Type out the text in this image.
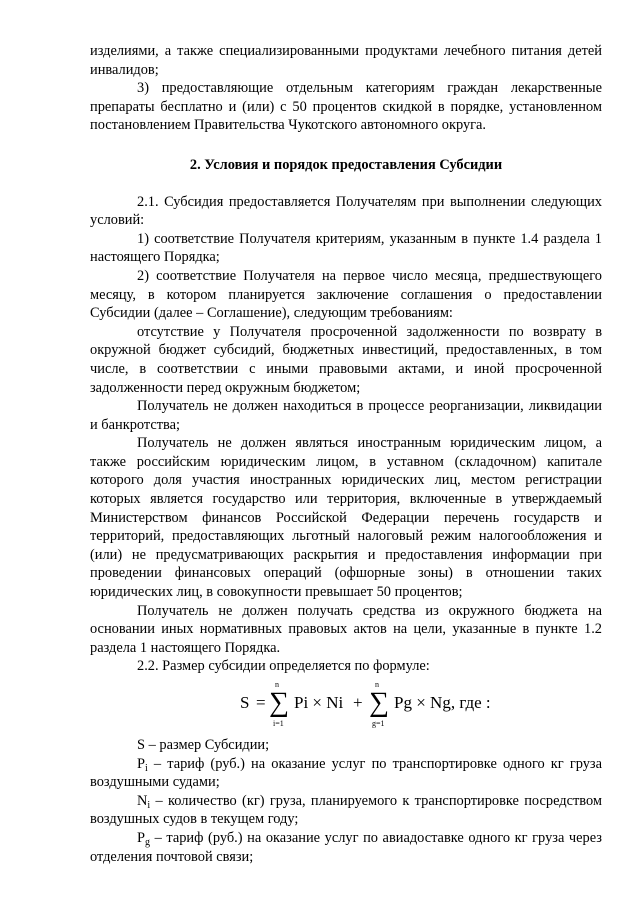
изделиями, а также специализированными продуктами лечебного питания детей инвалидов;

3) предоставляющие отдельным категориям граждан лекарственные препараты бесплатно и (или) с 50 процентов скидкой в порядке, установленном постановлением Правительства Чукотского автономного округа.

2. Условия и порядок предоставления Субсидии

2.1. Субсидия предоставляется Получателям при выполнении следующих условий:

1) соответствие Получателя критериям, указанным в пункте 1.4 раздела 1 настоящего Порядка;

2) соответствие Получателя на первое число месяца, предшествующего месяцу, в котором планируется заключение соглашения о предоставлении Субсидии (далее – Соглашение), следующим требованиям:

отсутствие у Получателя просроченной задолженности по возврату в окружной бюджет субсидий, бюджетных инвестиций, предоставленных, в том числе, в соответствии с иными правовыми актами, и иной просроченной задолженности перед окружным бюджетом;

Получатель не должен находиться в процессе реорганизации, ликвидации и банкротства;

Получатель не должен являться иностранным юридическим лицом, а также российским юридическим лицом, в уставном (складочном) капитале которого доля участия иностранных юридических лиц, местом регистрации которых является государство или территория, включенные в утверждаемый Министерством финансов Российской Федерации перечень государств и территорий, предоставляющих льготный налоговый режим налогообложения и (или) не предусматривающих раскрытия и предоставления информации при проведении финансовых операций (офшорные зоны) в отношении таких юридических лиц, в совокупности превышает 50 процентов;

Получатель не должен получать средства из окружного бюджета на основании иных нормативных правовых актов на цели, указанные в пункте 1.2 раздела 1 настоящего Порядка.

2.2. Размер субсидии определяется по формуле:

S =
n
∑
i=1
Pi × Ni +
n
∑
g=1
Pg × Ng, где :

S – размер Субсидии;

$P_i$ – тариф (руб.) на оказание услуг по транспортировке одного кг груза воздушными судами;

$N_i$ – количество (кг) груза, планируемого к транспортировке посредством воздушных судов в текущем году;

$P_g$ – тариф (руб.) на оказание услуг по авиадоставке одного кг груза через отделения почтовой связи;
